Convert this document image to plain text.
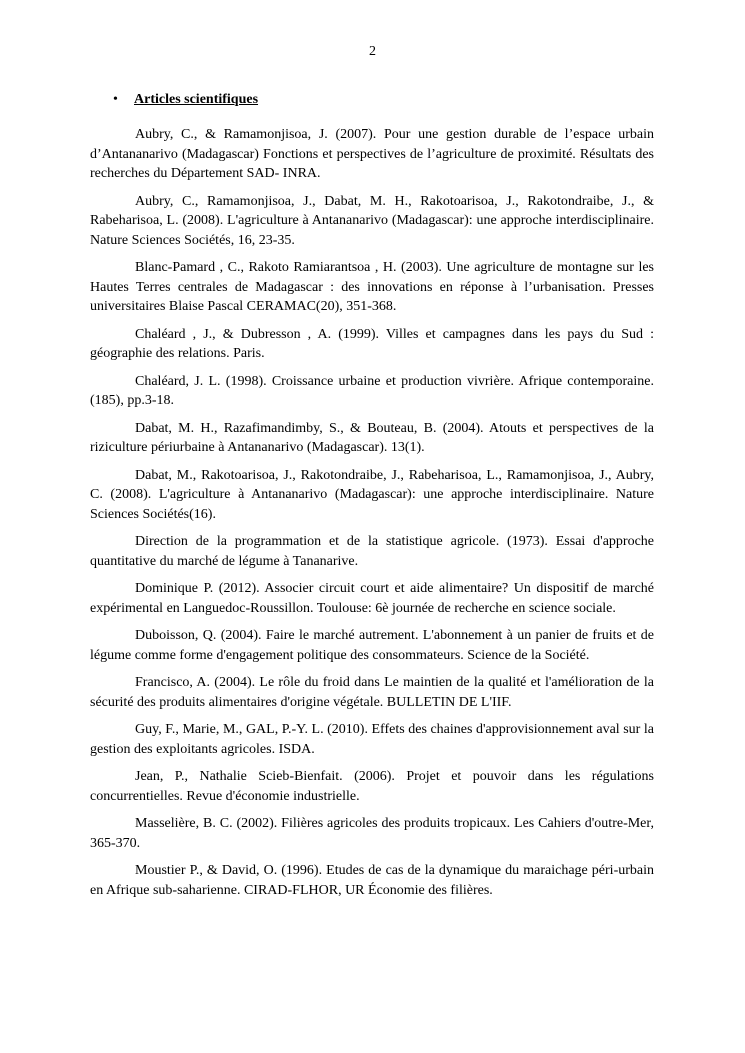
2
• Articles scientifiques

Aubry, C., & Ramamonjisoa, J. (2007). Pour une gestion durable de l’espace urbain d’Antananarivo (Madagascar) Fonctions et perspectives de l’agriculture de proximité. Résultats des recherches du Département SAD- INRA.

Aubry, C., Ramamonjisoa, J., Dabat, M. H., Rakotoarisoa, J., Rakotondraibe, J., & Rabeharisoa, L. (2008). L'agriculture à Antananarivo (Madagascar): une approche interdisciplinaire. Nature Sciences Sociétés, 16, 23-35.

Blanc-Pamard , C., Rakoto Ramiarantsoa , H. (2003). Une agriculture de montagne sur les Hautes Terres centrales de Madagascar : des innovations en réponse à l’urbanisation. Presses universitaires Blaise Pascal CERAMAC(20), 351-368.

Chaléard , J., & Dubresson , A. (1999). Villes et campagnes dans les pays du Sud : géographie des relations. Paris.

Chaléard, J. L. (1998). Croissance urbaine et production vivrière. Afrique contemporaine. (185), pp.3-18.

Dabat, M. H., Razafimandimby, S., & Bouteau, B. (2004). Atouts et perspectives de la riziculture périurbaine à Antananarivo (Madagascar). 13(1).

Dabat, M., Rakotoarisoa, J., Rakotondraibe, J., Rabeharisoa, L., Ramamonjisoa, J., Aubry, C. (2008). L'agriculture à Antananarivo (Madagascar): une approche interdisciplinaire. Nature Sciences Sociétés(16).

Direction de la programmation et de la statistique agricole. (1973). Essai d'approche quantitative du marché de légume à Tananarive.

Dominique P. (2012). Associer circuit court et aide alimentaire? Un dispositif de marché expérimental en Languedoc-Roussillon. Toulouse: 6è journée de recherche en science sociale.

Duboisson, Q. (2004). Faire le marché autrement. L'abonnement à un panier de fruits et de légume comme forme d'engagement politique des consommateurs. Science de la Société.

Francisco, A. (2004). Le rôle du froid dans Le maintien de la qualité et l'amélioration de la sécurité des produits alimentaires d'origine végétale. BULLETIN DE L'IIF.

Guy, F., Marie, M., GAL, P.-Y. L. (2010). Effets des chaines d'approvisionnement aval sur la gestion des exploitants agricoles. ISDA.

Jean, P., Nathalie Scieb-Bienfait. (2006). Projet et pouvoir dans les régulations concurrentielles. Revue d'économie industrielle.

Masselière, B. C. (2002). Filières agricoles des produits tropicaux. Les Cahiers d'outre-Mer, 365-370.

Moustier P., & David, O. (1996). Etudes de cas de la dynamique du maraichage péri-urbain en Afrique sub-saharienne. CIRAD-FLHOR, UR Économie des filières.
